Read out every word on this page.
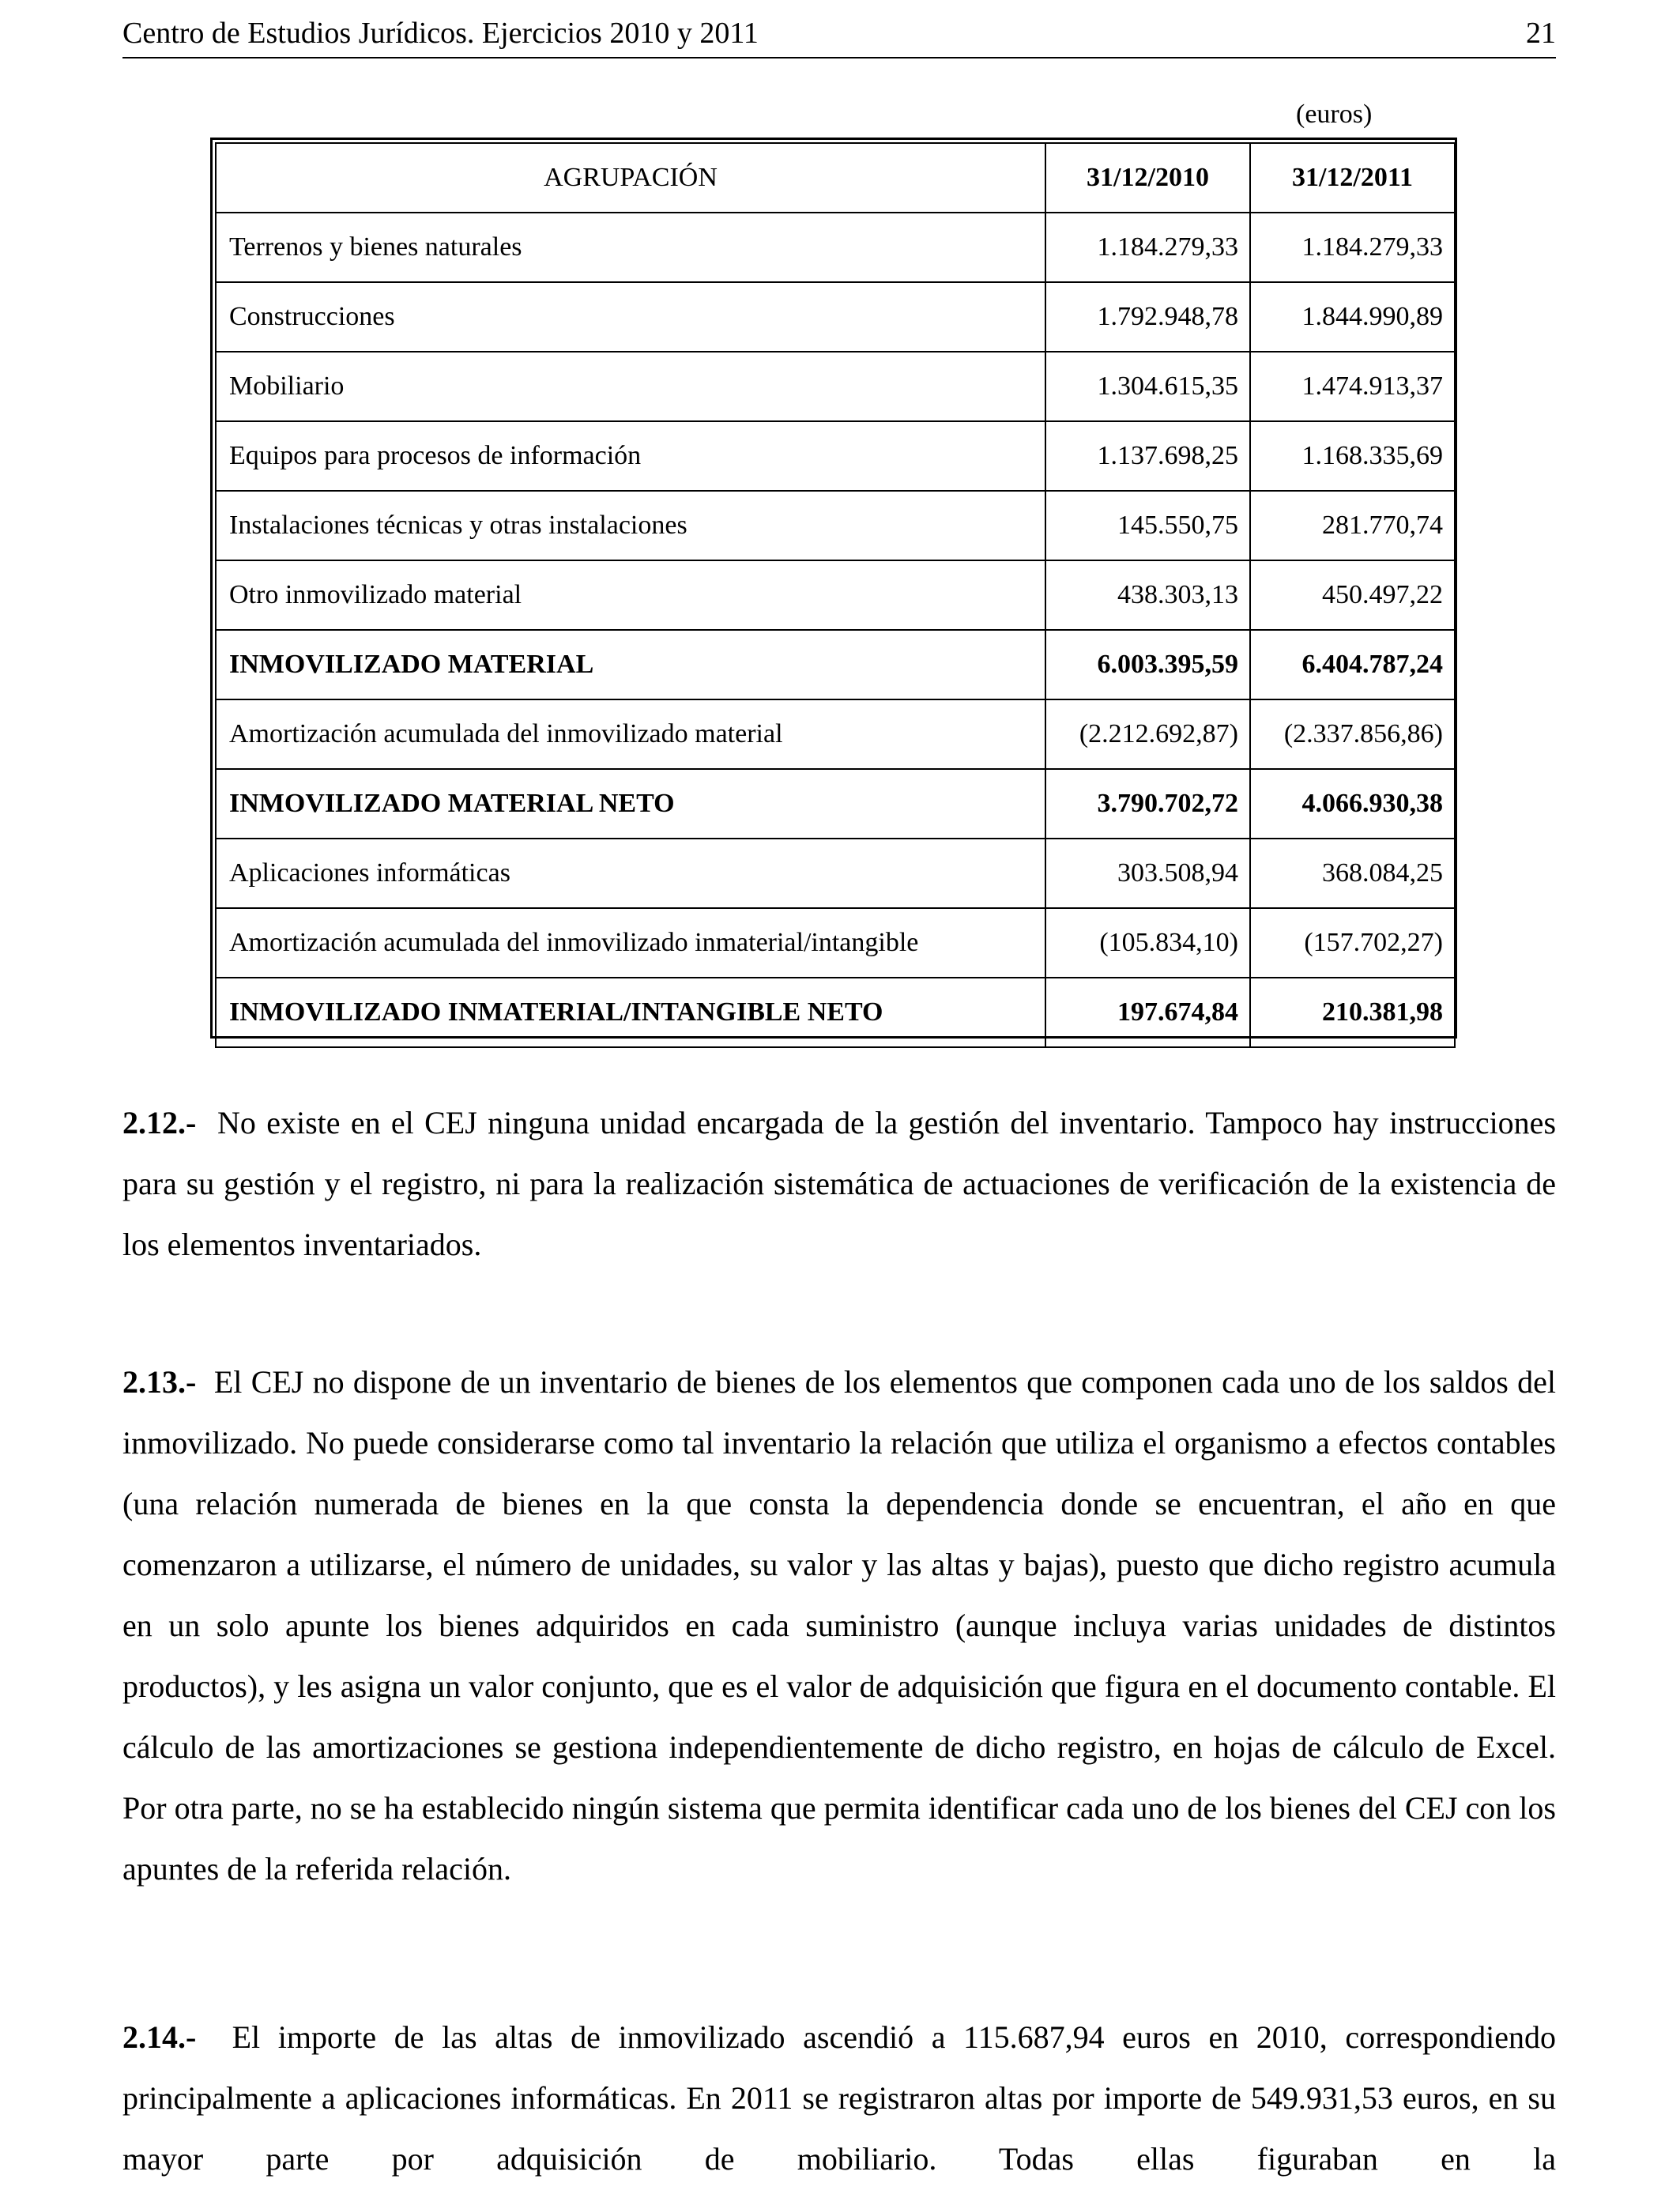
Centro de Estudios Jurídicos. Ejercicios 2010 y 2011	21
(euros)
AGRUPACIÓN	31/12/2010	31/12/2011
Terrenos y bienes naturales	1.184.279,33	1.184.279,33
Construcciones	1.792.948,78	1.844.990,89
Mobiliario	1.304.615,35	1.474.913,37
Equipos para procesos de información	1.137.698,25	1.168.335,69
Instalaciones técnicas y otras instalaciones	145.550,75	281.770,74
Otro inmovilizado material	438.303,13	450.497,22
INMOVILIZADO MATERIAL	6.003.395,59	6.404.787,24
Amortización acumulada del inmovilizado material	(2.212.692,87)	(2.337.856,86)
INMOVILIZADO MATERIAL NETO	3.790.702,72	4.066.930,38
Aplicaciones informáticas	303.508,94	368.084,25
Amortización acumulada del inmovilizado inmaterial/intangible	(105.834,10)	(157.702,27)
INMOVILIZADO INMATERIAL/INTANGIBLE NETO	197.674,84	210.381,98

2.12.- No existe en el CEJ ninguna unidad encargada de la gestión del inventario. Tampoco hay instrucciones para su gestión y el registro, ni para la realización sistemática de actuaciones de verificación de la existencia de los elementos inventariados.

2.13.- El CEJ no dispone de un inventario de bienes de los elementos que componen cada uno de los saldos del inmovilizado. No puede considerarse como tal inventario la relación que utiliza el organismo a efectos contables (una relación numerada de bienes en la que consta la dependencia donde se encuentran, el año en que comenzaron a utilizarse, el número de unidades, su valor y las altas y bajas), puesto que dicho registro acumula en un solo apunte los bienes adquiridos en cada suministro (aunque incluya varias unidades de distintos productos), y les asigna un valor conjunto, que es el valor de adquisición que figura en el documento contable. El cálculo de las amortizaciones se gestiona independientemente de dicho registro, en hojas de cálculo de Excel. Por otra parte, no se ha establecido ningún sistema que permita identificar cada uno de los bienes del CEJ con los apuntes de la referida relación.

2.14.- El importe de las altas de inmovilizado ascendió a 115.687,94 euros en 2010, correspondiendo principalmente a aplicaciones informáticas. En 2011 se registraron altas por importe de 549.931,53 euros, en su mayor parte por adquisición de mobiliario. Todas ellas figuraban en la
